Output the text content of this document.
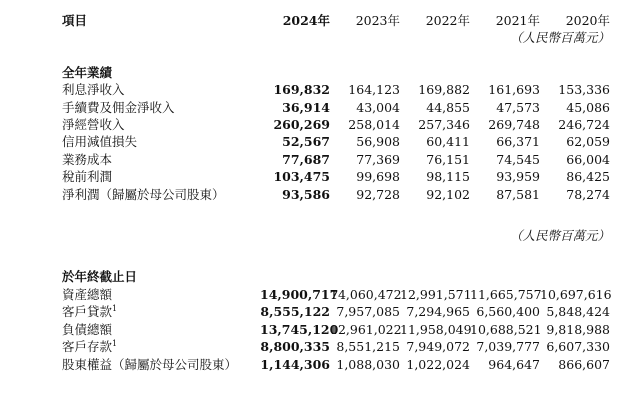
項目	2024年	2023年	2022年	2021年	2020年
（人民幣百萬元）					

全年業績					
利息淨收入	169,832	164,123	169,882	161,693	153,336
手續費及佣金淨收入	36,914	43,004	44,855	47,573	45,086
淨經營收入	260,269	258,014	257,346	269,748	246,724
信用減值損失	52,567	56,908	60,411	66,371	62,059
業務成本	77,687	77,369	76,151	74,545	66,004
稅前利潤	103,475	99,698	98,115	93,959	86,425
淨利潤（歸屬於母公司股東）	93,586	92,728	92,102	87,581	78,274

（人民幣百萬元）					

於年終截止日					
資產總額	14,900,717	14,060,472	12,991,571	11,665,757	10,697,616
客戶貸款$^1$	8,555,122	7,957,085	7,294,965	6,560,400	5,848,424
負債總額	13,745,120	12,961,022	11,958,049	10,688,521	9,818,988
客戶存款$^1$	8,800,335	8,551,215	7,949,072	7,039,777	6,607,330
股東權益（歸屬於母公司股東）	1,144,306	1,088,030	1,022,024	964,647	866,607
